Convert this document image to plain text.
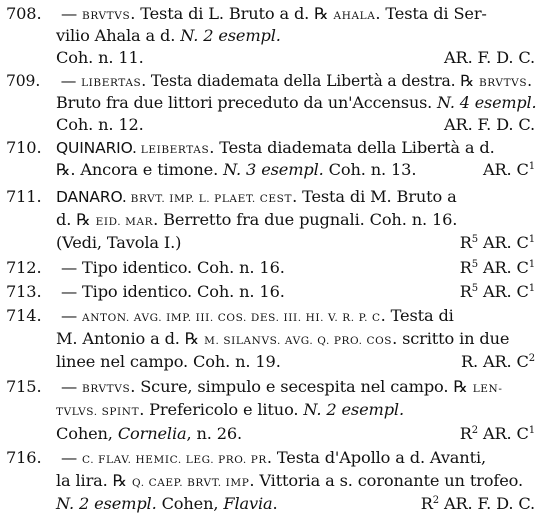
708. — BRVTVS. Testa di L. Bruto a d. ℞ AHALA. Testa di Ser-
vilio Ahala a d. N. 2 esempl.
Coh. n. 11.	AR. F. D. C.
709. — LIBERTAS. Testa diademata della Libertà a destra. ℞ BRVTVS.
Bruto fra due littori preceduto da un'Accensus. N. 4 esempl.
Coh. n. 12.	AR. F. D. C.
710. QUINARIO. LEIBERTAS. Testa diademata della Libertà a d.
℞. Ancora e timone. N. 3 esempl. Coh. n. 13.	AR. $C^1$
711. DANARO. BRVT. IMP. L. PLAET. CEST. Testa di M. Bruto a
d. ℞ EID. MAR. Berretto fra due pugnali. Coh. n. 16.
(Vedi, Tavola I.)	$R^5$ AR. $C^1$
712. — Tipo identico. Coh. n. 16.	$R^5$ AR. $C^1$
713. — Tipo identico. Coh. n. 16.	$R^5$ AR. $C^1$
714. — ANTON. AVG. IMP. III. COS. DES. III. HI. V. R. P. C. Testa di
M. Antonio a d. ℞ M. SILANVS. AVG. Q. PRO. COS. scritto in due
linee nel campo. Coh. n. 19.	R. AR. $C^2$
715. — BRVTVS. Scure, simpulo e secespita nel campo. ℞ LEN-
TVLVS. SPINT. Prefericolo e lituo. N. 2 esempl.
Cohen, Cornelia, n. 26.	$R^2$ AR. $C^1$
716. — C. FLAV. HEMIC. LEG. PRO. PR. Testa d'Apollo a d. Avanti,
la lira. ℞ Q. CAEP. BRVT. IMP. Vittoria a s. coronante un trofeo.
N. 2 esempl. Cohen, Flavia.	$R^2$ AR. F. D. C.
